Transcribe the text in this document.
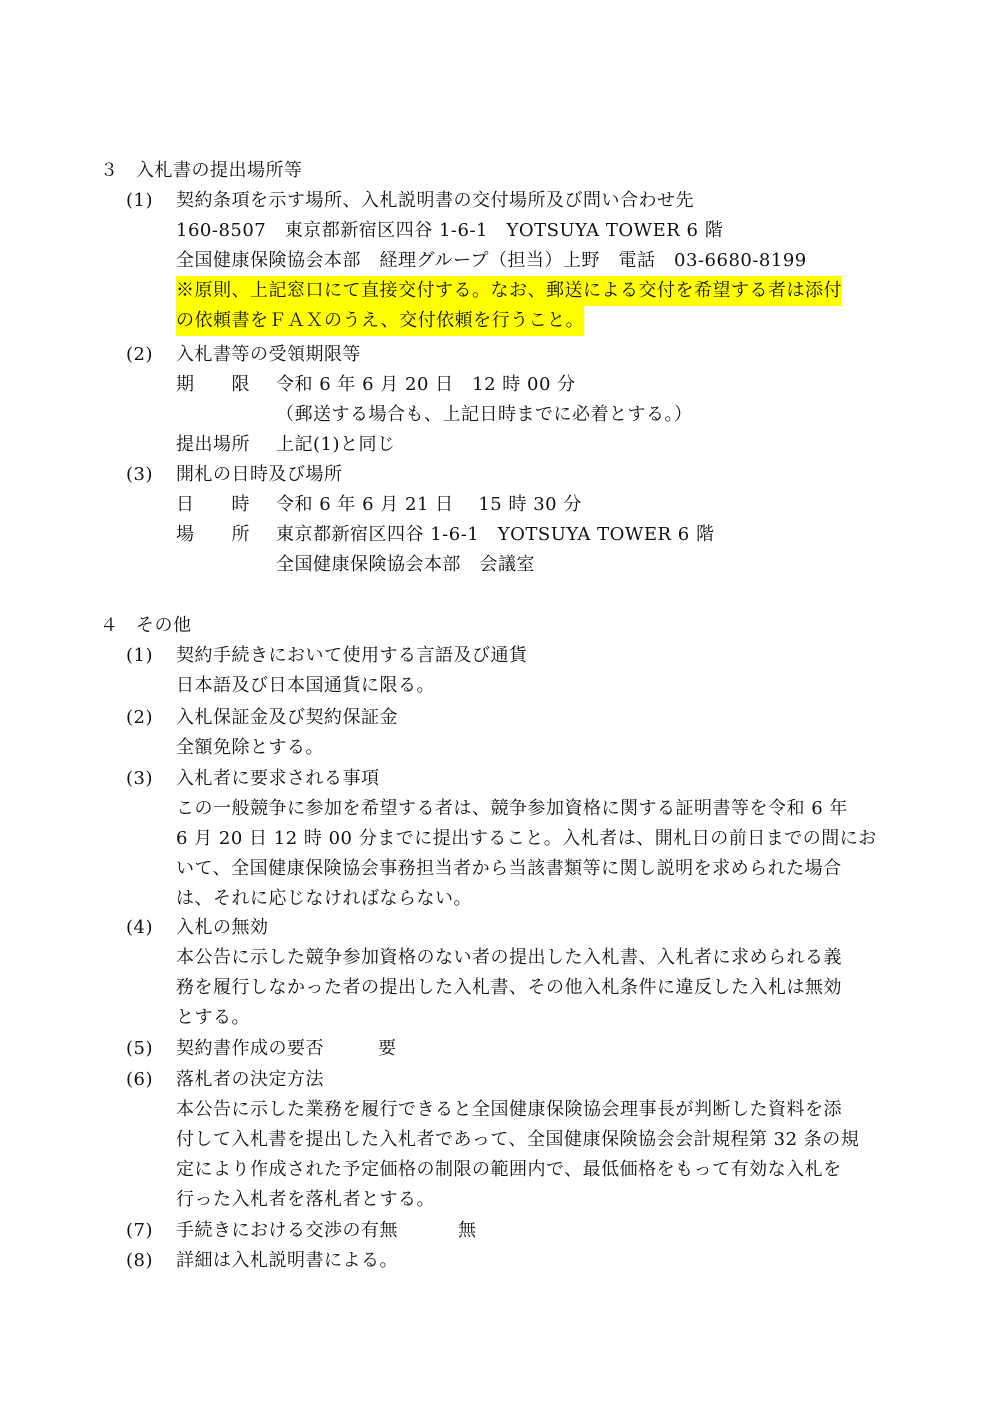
３ 入札書の提出場所等
(1) 契約条項を示す場所、入札説明書の交付場所及び問い合わせ先
160-8507　東京都新宿区四谷 1-6-1　YOTSUYA TOWER 6 階
全国健康保険協会本部　経理グループ（担当）上野　電話　03-6680-8199
※原則、上記窓口にて直接交付する。なお、郵送による交付を希望する者は添付
の依頼書をＦＡＸのうえ、交付依頼を行うこと。
(2) 入札書等の受領期限等
期　　限 令和 6 年 6 月 20 日　12 時 00 分
（郵送する場合も、上記日時までに必着とする。）
提出場所 上記(1)と同じ
(3) 開札の日時及び場所
日　　時 令和 6 年 6 月 21 日　 15 時 30 分
場　　所 東京都新宿区四谷 1-6-1　YOTSUYA TOWER 6 階
全国健康保険協会本部　会議室
４ その他
(1) 契約手続きにおいて使用する言語及び通貨
日本語及び日本国通貨に限る。
(2) 入札保証金及び契約保証金
全額免除とする。
(3) 入札者に要求される事項
この一般競争に参加を希望する者は、競争参加資格に関する証明書等を令和 6 年
6 月 20 日 12 時 00 分までに提出すること。入札者は、開札日の前日までの間にお
いて、全国健康保険協会事務担当者から当該書類等に関し説明を求められた場合
は、それに応じなければならない。
(4) 入札の無効
本公告に示した競争参加資格のない者の提出した入札書、入札者に求められる義
務を履行しなかった者の提出した入札書、その他入札条件に違反した入札は無効
とする。
(5) 契約書作成の要否	要
(6) 落札者の決定方法
本公告に示した業務を履行できると全国健康保険協会理事長が判断した資料を添
付して入札書を提出した入札者であって、全国健康保険協会会計規程第 32 条の規
定により作成された予定価格の制限の範囲内で、最低価格をもって有効な入札を
行った入札者を落札者とする。
(7) 手続きにおける交渉の有無	無
(8) 詳細は入札説明書による。
